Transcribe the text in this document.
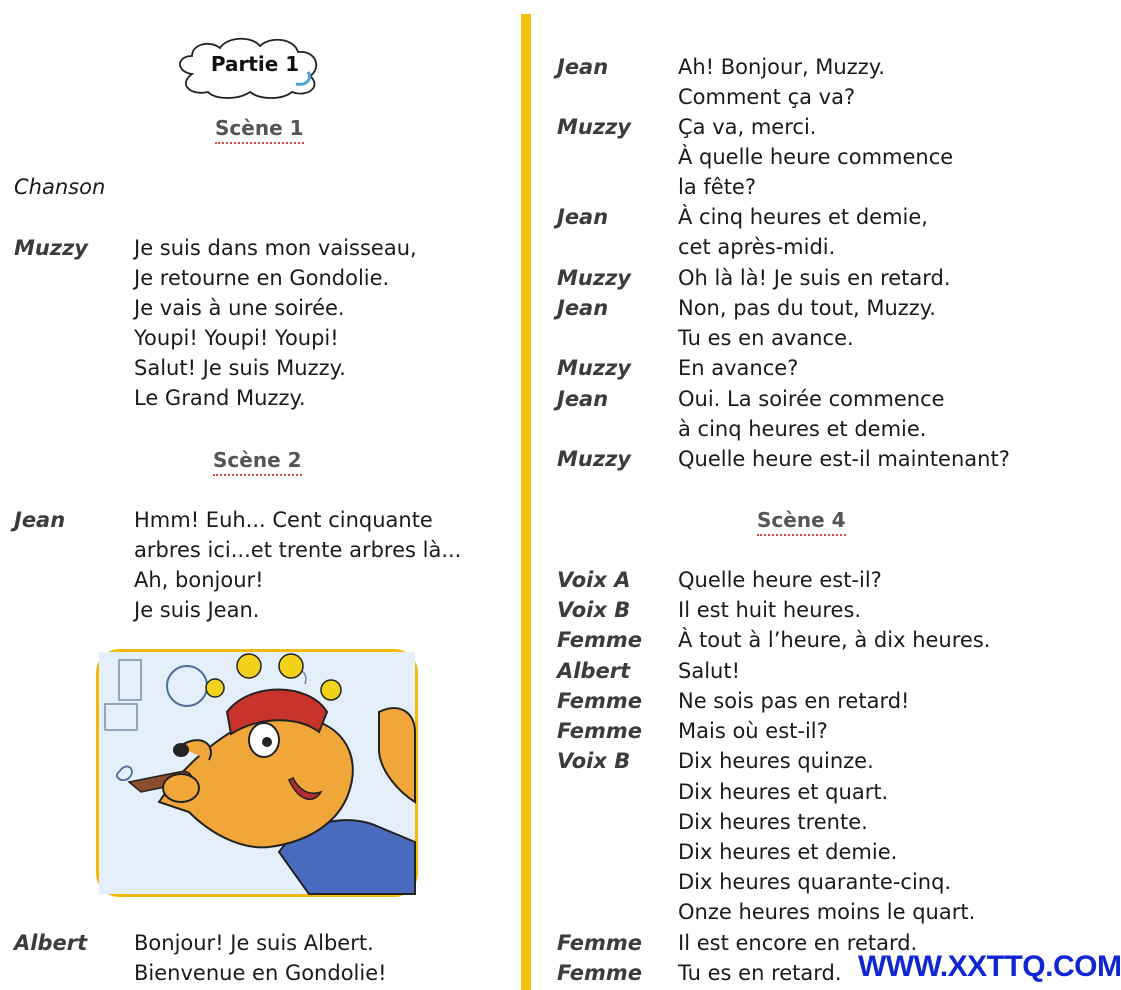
Partie 1
Scène 1
Chanson
Muzzy Je suis dans mon vaisseau,
Je retourne en Gondolie.
Je vais à une soirée.
Youpi! Youpi! Youpi!
Salut! Je suis Muzzy.
Le Grand Muzzy.
Scène 2
Jean	Hmm! Euh... Cent cinquante
arbres ici...et trente arbres là...
Ah, bonjour!
Je suis Jean.
Albert Bonjour! Je suis Albert.
Bienvenue en Gondolie!
Jean	Ah! Bonjour, Muzzy.
Comment ça va?
Muzzy Ça va, merci.
À quelle heure commence
la fête?
Jean	À cinq heures et demie,
cet après-midi.
Muzzy Oh là là! Je suis en retard.
Jean	Non, pas du tout, Muzzy.
Tu es en avance.
Muzzy En avance?
Jean	Oui. La soirée commence
à cinq heures et demie.
Muzzy Quelle heure est-il maintenant?
Scène 4
Voix A Quelle heure est-il?
Voix B Il est huit heures.
Femme À tout à l’heure, à dix heures.
Albert Salut!
Femme Ne sois pas en retard!
Femme Mais où est-il?
Voix B Dix heures quinze.
Dix heures et quart.
Dix heures trente.
Dix heures et demie.
Dix heures quarante-cinq.
Onze heures moins le quart.
Femme Il est encore en retard.
Femme Tu es en retard. WWW.XXTTQ.COM
